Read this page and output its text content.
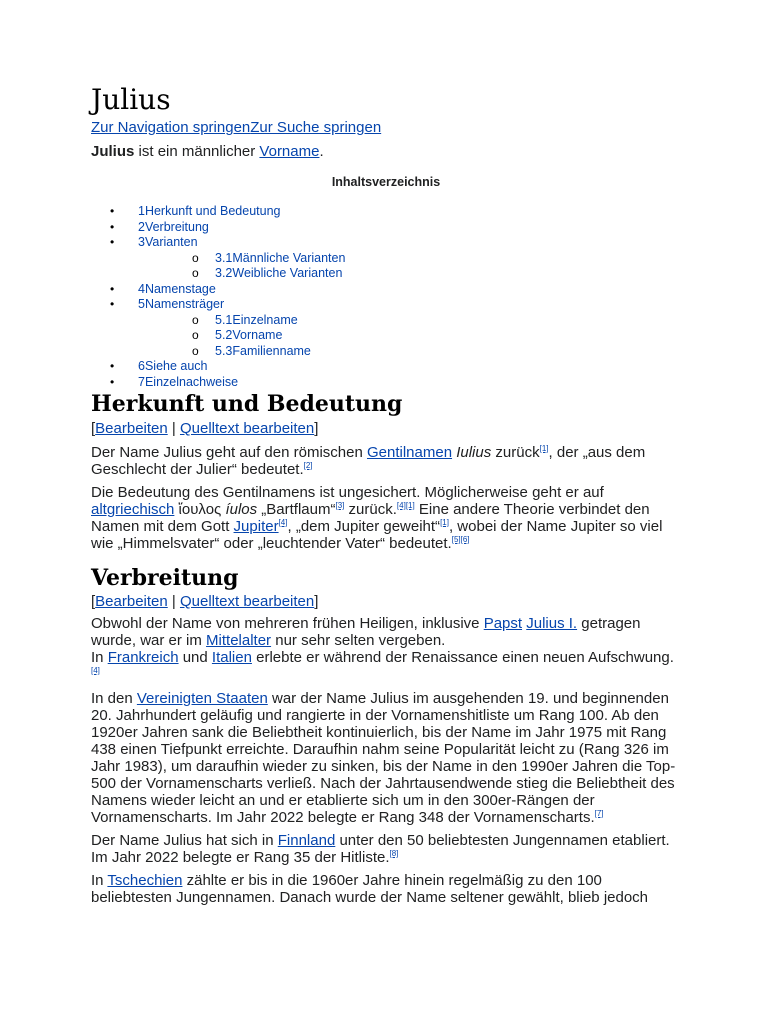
Julius
Zur Navigation springenZur Suche springen

Julius ist ein männlicher Vorname.

Inhaltsverzeichnis
• 1Herkunft und Bedeutung
• 2Verbreitung
• 3Varianten
o 3.1Männliche Varianten
o 3.2Weibliche Varianten
• 4Namenstage
• 5Namensträger
o 5.1Einzelname
o 5.2Vorname
o 5.3Familienname
• 6Siehe auch
• 7Einzelnachweise
Herkunft und Bedeutung
[Bearbeiten | Quelltext bearbeiten]

Der Name Julius geht auf den römischen Gentilnamen Iulius zurück[1], der „aus dem Geschlecht der Julier“ bedeutet.[2]

Die Bedeutung des Gentilnamens ist ungesichert. Möglicherweise geht er auf altgriechisch ἴουλος íulos „Bartflaum“[3] zurück.[4][1] Eine andere Theorie verbindet den Namen mit dem Gott Jupiter[4], „dem Jupiter geweiht“[1], wobei der Name Jupiter so viel wie „Himmelsvater“ oder „leuchtender Vater“ bedeutet.[5][6]

Verbreitung
[Bearbeiten | Quelltext bearbeiten]

Obwohl der Name von mehreren frühen Heiligen, inklusive Papst Julius I. getragen wurde, war er im Mittelalter nur sehr selten vergeben.
In Frankreich und Italien erlebte er während der Renaissance einen neuen Aufschwung.[4]

In den Vereinigten Staaten war der Name Julius im ausgehenden 19. und beginnenden 20. Jahrhundert geläufig und rangierte in der Vornamenshitliste um Rang 100. Ab den 1920er Jahren sank die Beliebtheit kontinuierlich, bis der Name im Jahr 1975 mit Rang 438 einen Tiefpunkt erreichte. Daraufhin nahm seine Popularität leicht zu (Rang 326 im Jahr 1983), um daraufhin wieder zu sinken, bis der Name in den 1990er Jahren die Top-500 der Vornamenscharts verließ. Nach der Jahrtausendwende stieg die Beliebtheit des Namens wieder leicht an und er etablierte sich um in den 300er-Rängen der Vornamenscharts. Im Jahr 2022 belegte er Rang 348 der Vornamenscharts.[7]

Der Name Julius hat sich in Finnland unter den 50 beliebtesten Jungennamen etabliert. Im Jahr 2022 belegte er Rang 35 der Hitliste.[8]

In Tschechien zählte er bis in die 1960er Jahre hinein regelmäßig zu den 100 beliebtesten Jungennamen. Danach wurde der Name seltener gewählt, blieb jedoch
